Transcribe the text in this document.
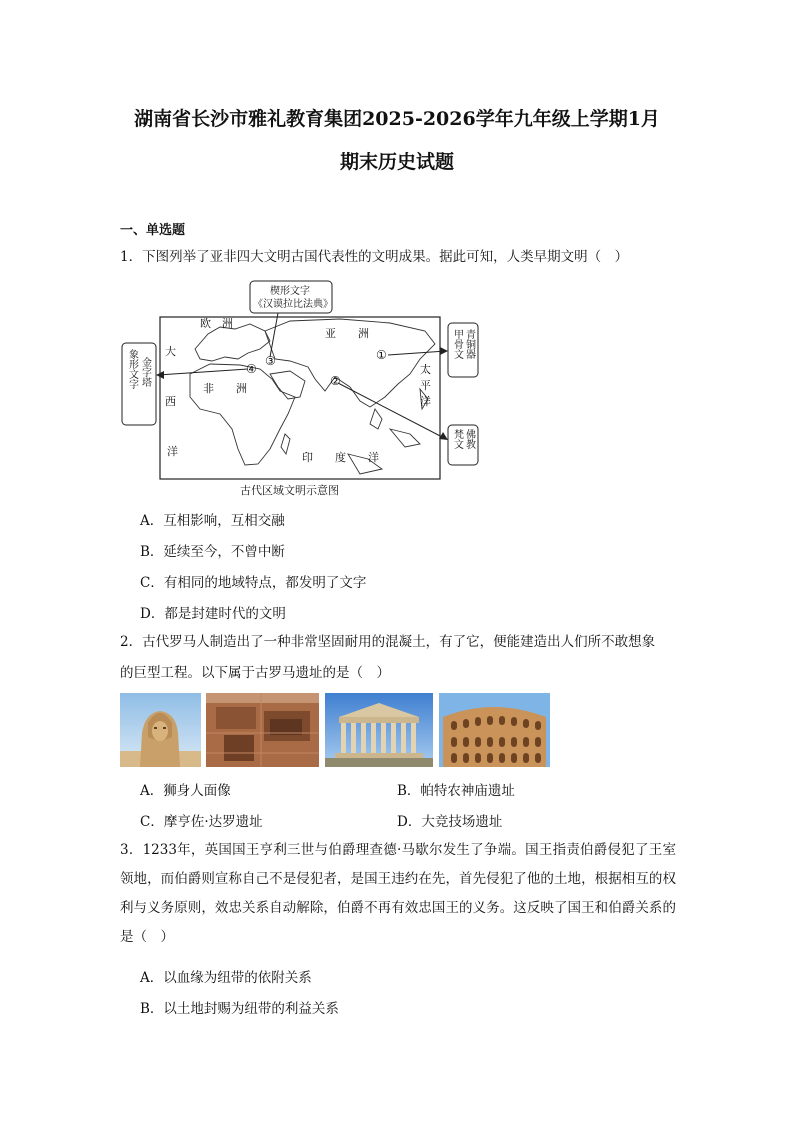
湖南省长沙市雅礼教育集团2025-2026学年九年级上学期1月
期末历史试题
一、单选题
1．下图列举了亚非四大文明古国代表性的文明成果。据此可知，人类早期文明（　）
欧　洲
亚　　洲
非　　洲
大
西
洋
太
平
洋
印　　度　　洋
①
②
③
④
楔形文字
《汉谟拉比法典》
象形文字 金字塔
甲骨文 青铜器
梵文 佛教
古代区域文明示意图
A．互相影响，互相交融
B．延续至今，不曾中断
C．有相同的地域特点，都发明了文字
D．都是封建时代的文明
2．古代罗马人制造出了一种非常坚固耐用的混凝土，有了它，便能建造出人们所不敢想象
的巨型工程。以下属于古罗马遗址的是（　）
A．狮身人面像	B．帕特农神庙遗址
C．摩亨佐·达罗遗址	D．大竞技场遗址
3．1233年，英国国王亨利三世与伯爵理查德·马歇尔发生了争端。国王指责伯爵侵犯了王室领地，而伯爵则宣称自己不是侵犯者，是国王违约在先，首先侵犯了他的土地，根据相互的权利与义务原则，效忠关系自动解除，伯爵不再有效忠国王的义务。这反映了国王和伯爵关系的是（　）
A．以血缘为纽带的依附关系
B．以土地封赐为纽带的利益关系
